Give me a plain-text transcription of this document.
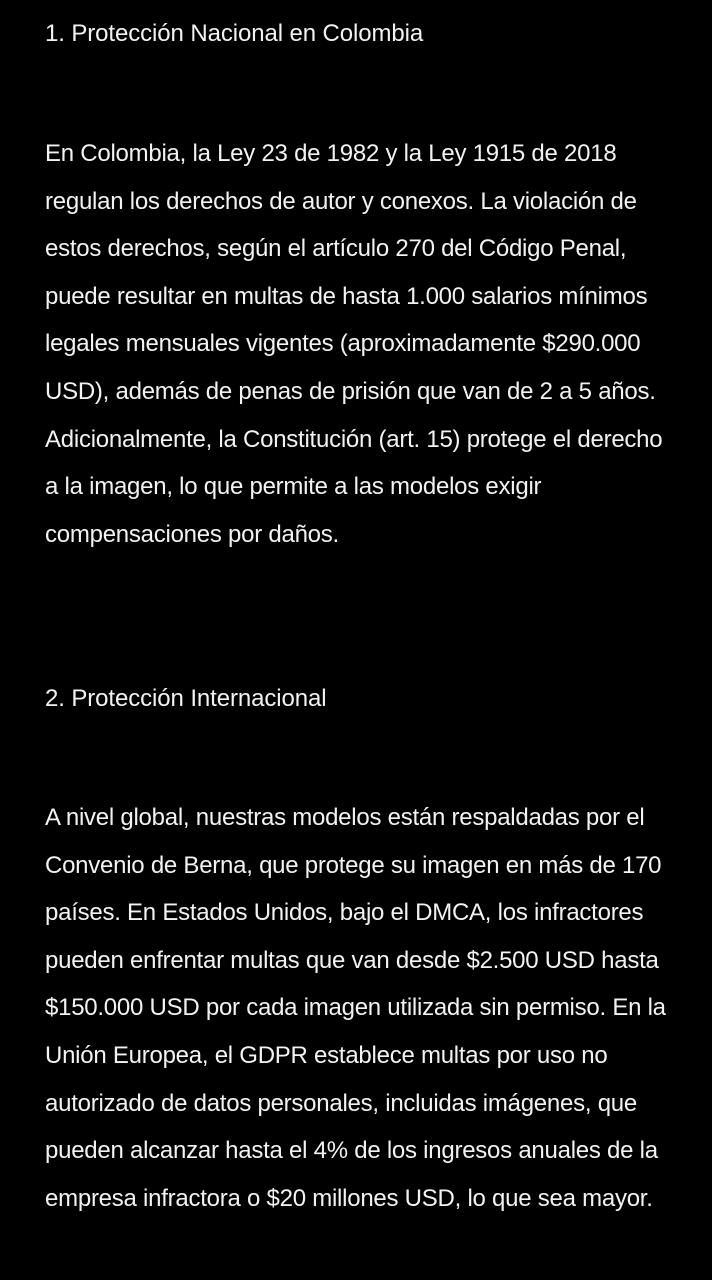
1. Protección Nacional en Colombia

En Colombia, la Ley 23 de 1982 y la Ley 1915 de 2018 regulan los derechos de autor y conexos. La violación de estos derechos, según el artículo 270 del Código Penal, puede resultar en multas de hasta 1.000 salarios mínimos legales mensuales vigentes (aproximadamente $290.000 USD), además de penas de prisión que van de 2 a 5 años. Adicionalmente, la Constitución (art. 15) protege el derecho a la imagen, lo que permite a las modelos exigir compensaciones por daños.

2. Protección Internacional

A nivel global, nuestras modelos están respaldadas por el Convenio de Berna, que protege su imagen en más de 170 países. En Estados Unidos, bajo el DMCA, los infractores pueden enfrentar multas que van desde $2.500 USD hasta $150.000 USD por cada imagen utilizada sin permiso. En la Unión Europea, el GDPR establece multas por uso no autorizado de datos personales, incluidas imágenes, que pueden alcanzar hasta el 4% de los ingresos anuales de la empresa infractora o $20 millones USD, lo que sea mayor.
